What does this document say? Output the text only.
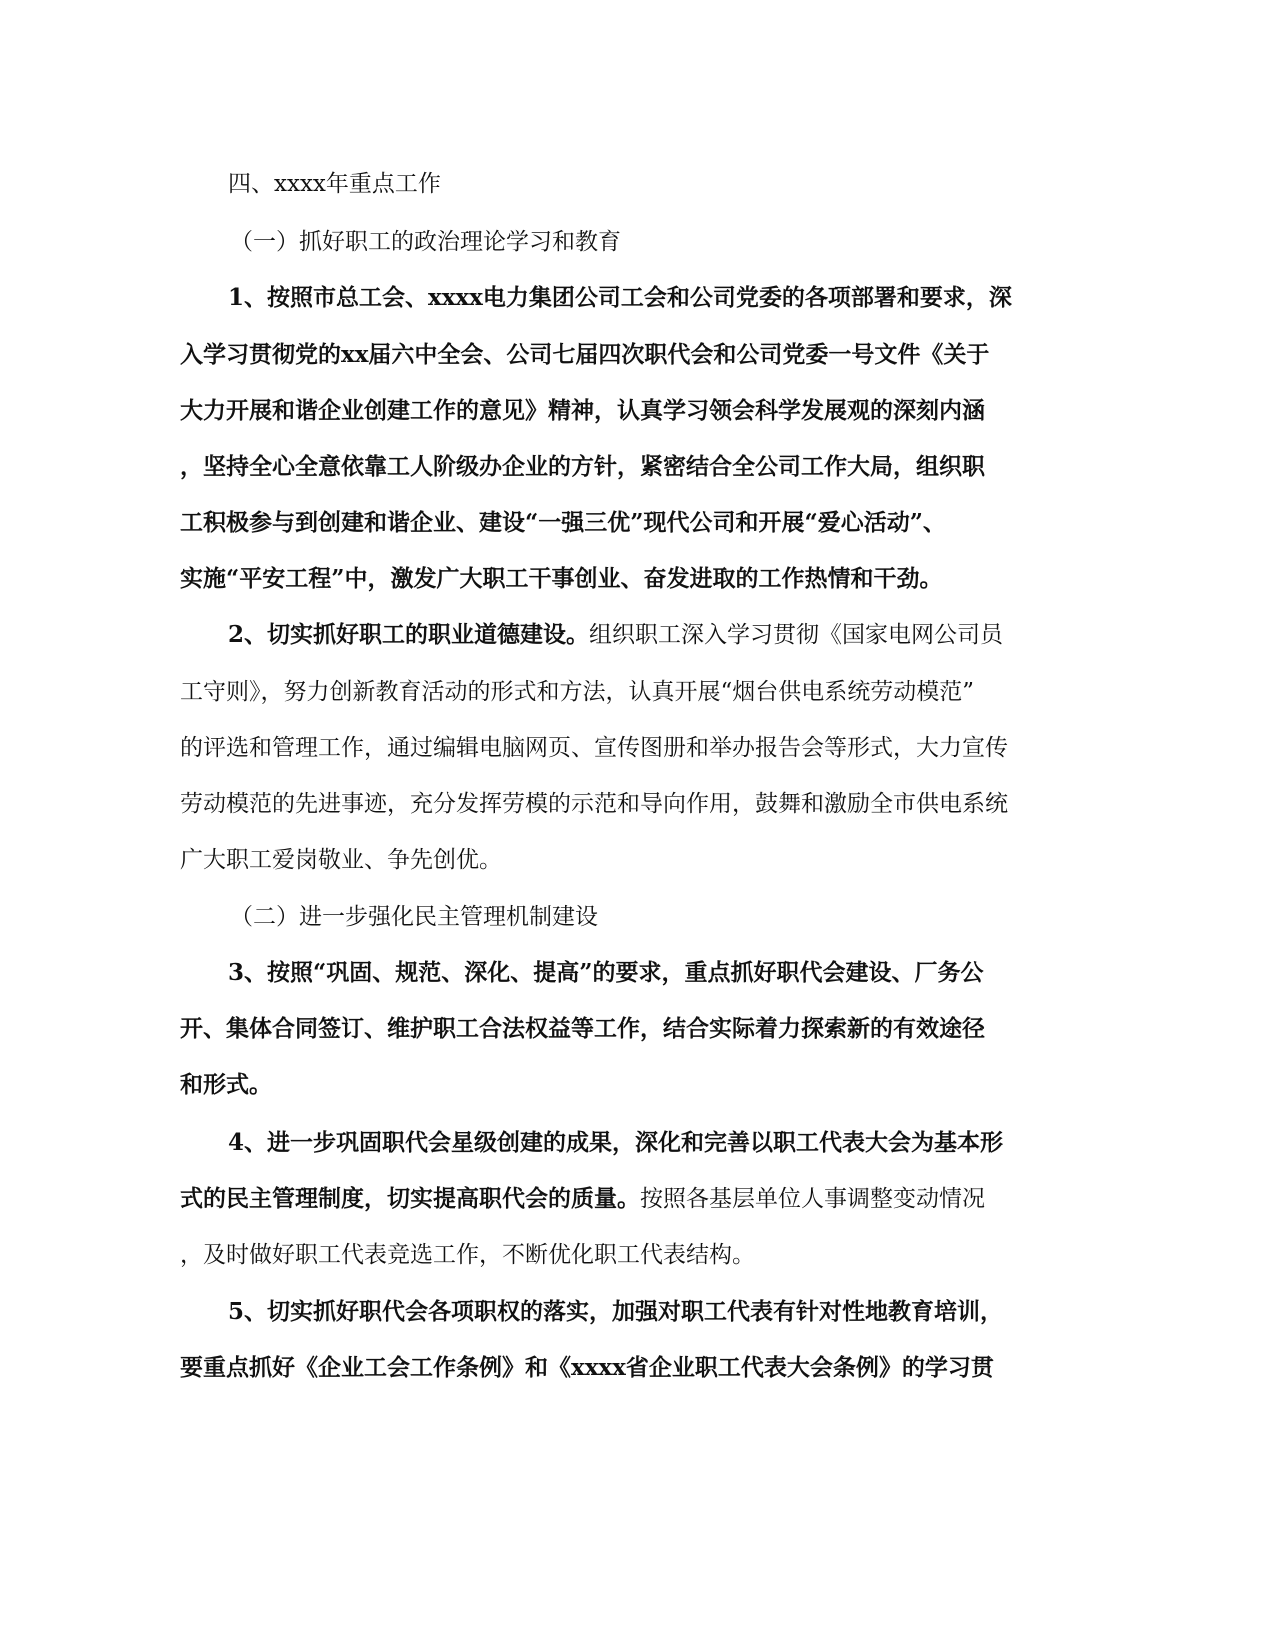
四、xxxx年重点工作
（一）抓好职工的政治理论学习和教育
1、按照市总工会、xxxx电力集团公司工会和公司党委的各项部署和要求，深
入学习贯彻党的xx届六中全会、公司七届四次职代会和公司党委一号文件《关于
大力开展和谐企业创建工作的意见》精神，认真学习领会科学发展观的深刻内涵
，坚持全心全意依靠工人阶级办企业的方针，紧密结合全公司工作大局，组织职
工积极参与到创建和谐企业、建设“一强三优”现代公司和开展“爱心活动”、
实施“平安工程”中，激发广大职工干事创业、奋发进取的工作热情和干劲。
2、切实抓好职工的职业道德建设。组织职工深入学习贯彻《国家电网公司员
工守则》，努力创新教育活动的形式和方法，认真开展“烟台供电系统劳动模范”
的评选和管理工作，通过编辑电脑网页、宣传图册和举办报告会等形式，大力宣传
劳动模范的先进事迹，充分发挥劳模的示范和导向作用，鼓舞和激励全市供电系统
广大职工爱岗敬业、争先创优。
（二）进一步强化民主管理机制建设
3、按照“巩固、规范、深化、提高”的要求，重点抓好职代会建设、厂务公
开、集体合同签订、维护职工合法权益等工作，结合实际着力探索新的有效途径
和形式。
4、进一步巩固职代会星级创建的成果，深化和完善以职工代表大会为基本形
式的民主管理制度，切实提高职代会的质量。按照各基层单位人事调整变动情况
，及时做好职工代表竞选工作，不断优化职工代表结构。
5、切实抓好职代会各项职权的落实，加强对职工代表有针对性地教育培训，
要重点抓好《企业工会工作条例》和《xxxx省企业职工代表大会条例》的学习贯
